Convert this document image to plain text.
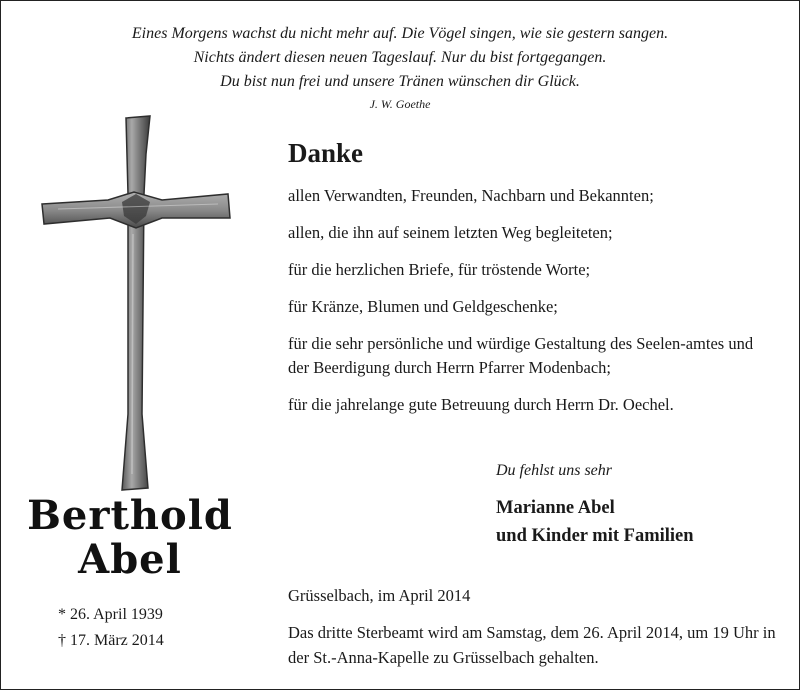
Eines Morgens wachst du nicht mehr auf. Die Vögel singen, wie sie gestern sangen.
Nichts ändert diesen neuen Tageslauf. Nur du bist fortgegangen.
Du bist nun frei und unsere Tränen wünschen dir Glück.
J. W. Goethe
Berthold
Abel
* 26. April 1939
† 17. März 2014
Danke

allen Verwandten, Freunden, Nachbarn und Bekannten;

allen, die ihn auf seinem letzten Weg begleiteten;

für die herzlichen Briefe, für tröstende Worte;

für Kränze, Blumen und Geldgeschenke;

für die sehr persönliche und würdige Gestaltung des Seelen-amtes und der Beerdigung durch Herrn Pfarrer Modenbach;

für die jahrelange gute Betreuung durch Herrn Dr. Oechel.

Du fehlst uns sehr
Marianne Abel
und Kinder mit Familien
Grüsselbach, im April 2014
Das dritte Sterbeamt wird am Samstag, dem 26. April 2014, um 19 Uhr in der St.-Anna-Kapelle zu Grüsselbach gehalten.
